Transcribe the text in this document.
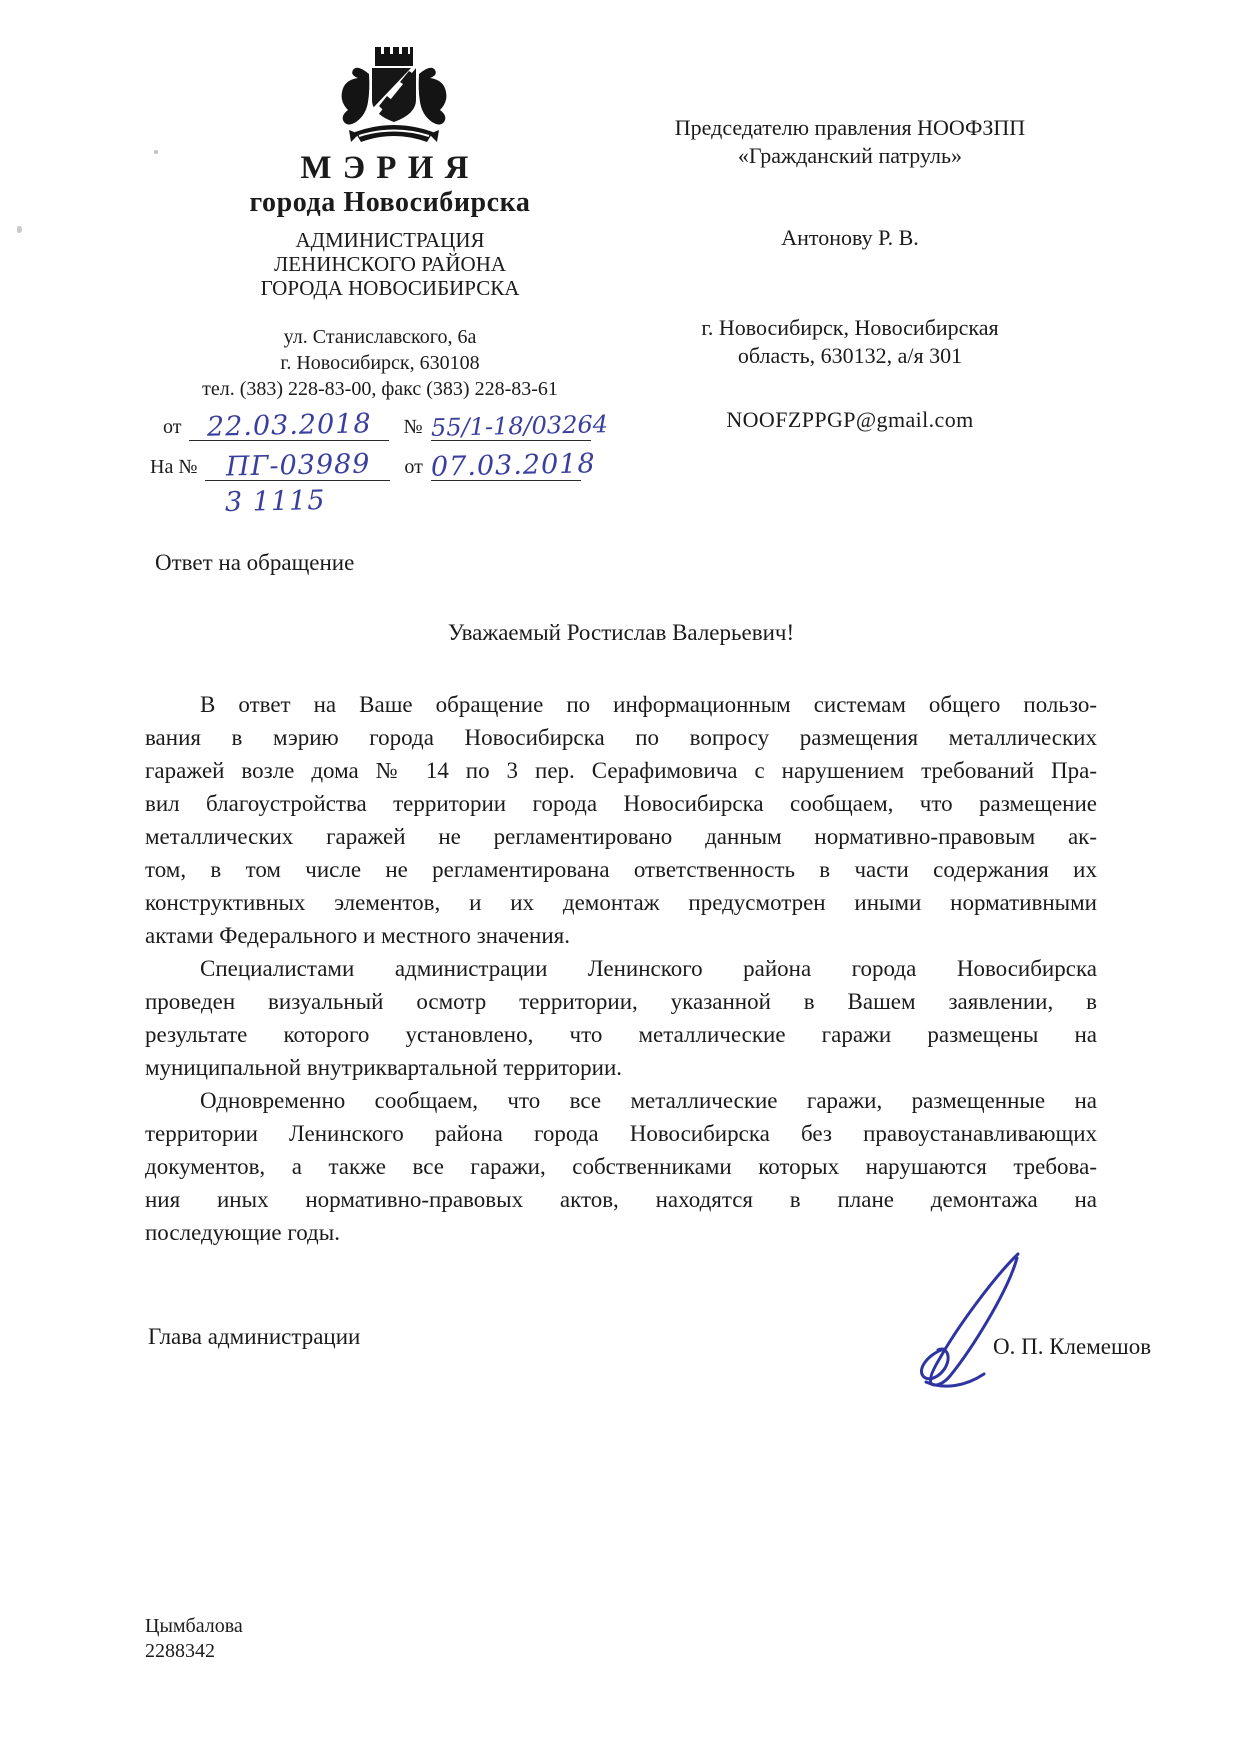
МЭРИЯ
города Новосибирска
АДМИНИСТРАЦИЯ
ЛЕНИНСКОГО РАЙОНА
ГОРОДА НОВОСИБИРСКА
ул. Станиславского, 6а
г. Новосибирск, 630108
тел. (383) 228-83-00, факс (383) 228-83-61
от 22.03.2018	№ 55/1-18/03264
На №	ПГ-03989	от 07.03.2018
3 1115
Председателю правления НООФЗПП
«Гражданский патруль»
Антонову Р. В.
г. Новосибирск, Новосибирская
область, 630132, а/я 301
NOOFZPPGP@gmail.com
Ответ на обращение
Уважаемый Ростислав Валерьевич!
В ответ на Ваше обращение по информационным системам общего пользо-
вания в мэрию города Новосибирска по вопросу размещения металлических
гаражей возле дома № 14 по 3 пер. Серафимовича с нарушением требований Пра-
вил благоустройства территории города Новосибирска сообщаем, что размещение
металлических гаражей не регламентировано данным нормативно-правовым ак-
том, в том числе не регламентирована ответственность в части содержания их
конструктивных элементов, и их демонтаж предусмотрен иными нормативными
актами Федерального и местного значения.
Специалистами администрации Ленинского района города Новосибирска
проведен визуальный осмотр территории, указанной в Вашем заявлении, в
результате которого установлено, что металлические гаражи размещены на
муниципальной внутриквартальной территории.
Одновременно сообщаем, что все металлические гаражи, размещенные на
территории Ленинского района города Новосибирска без правоустанавливающих
документов, а также все гаражи, собственниками которых нарушаются требова-
ния иных нормативно-правовых актов, находятся в плане демонтажа на
последующие годы.
Глава администрации	О. П. Клемешов
Цымбалова
2288342
